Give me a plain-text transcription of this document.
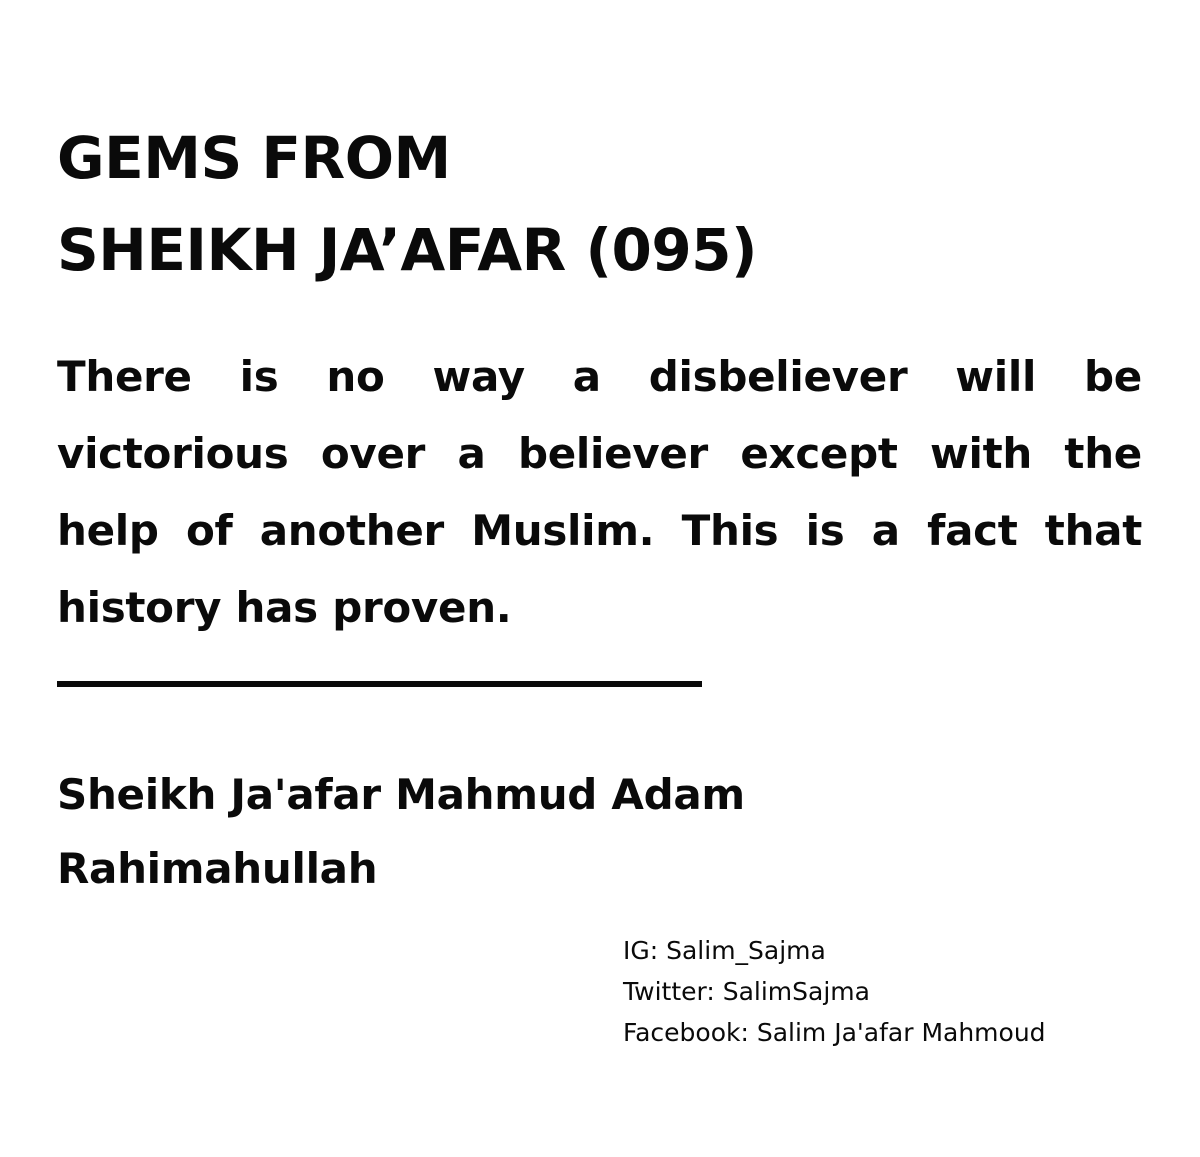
GEMS FROM
SHEIKH JA’AFAR (095)

There is no way a disbeliever will be victorious over a believer except with the help of another Muslim. This is a fact that history has proven.

Sheikh Ja'afar Mahmud Adam
Rahimahullah

IG: Salim_Sajma
Twitter: SalimSajma
Facebook: Salim Ja'afar Mahmoud
